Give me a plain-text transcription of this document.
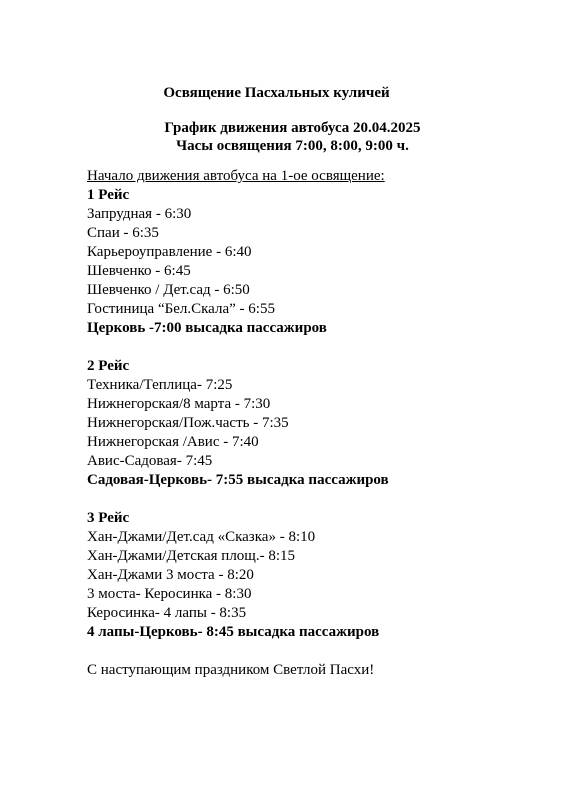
Освящение Пасхальных куличей
График движения автобуса 20.04.2025
Часы освящения 7:00, 8:00, 9:00 ч.
Начало движения автобуса на 1-ое освящение:
1 Рейс
Запрудная - 6:30
Спаи - 6:35
Карьероуправление - 6:40
Шевченко - 6:45
Шевченко / Дет.сад - 6:50
Гостиница “Бел.Скала” - 6:55
Церковь -7:00 высадка пассажиров
2 Рейс
Техника/Теплица- 7:25
Нижнегорская/8 марта - 7:30
Нижнегорская/Пож.часть - 7:35
Нижнегорская /Авис - 7:40
Авис-Садовая- 7:45
Садовая-Церковь- 7:55 высадка пассажиров
3 Рейс
Хан-Джами/Дет.сад «Сказка» - 8:10
Хан-Джами/Детская площ.- 8:15
Хан-Джами 3 моста - 8:20
3 моста- Керосинка - 8:30
Керосинка- 4 лапы - 8:35
4 лапы-Церковь- 8:45 высадка пассажиров
С наступающим праздником Светлой Пасхи!
